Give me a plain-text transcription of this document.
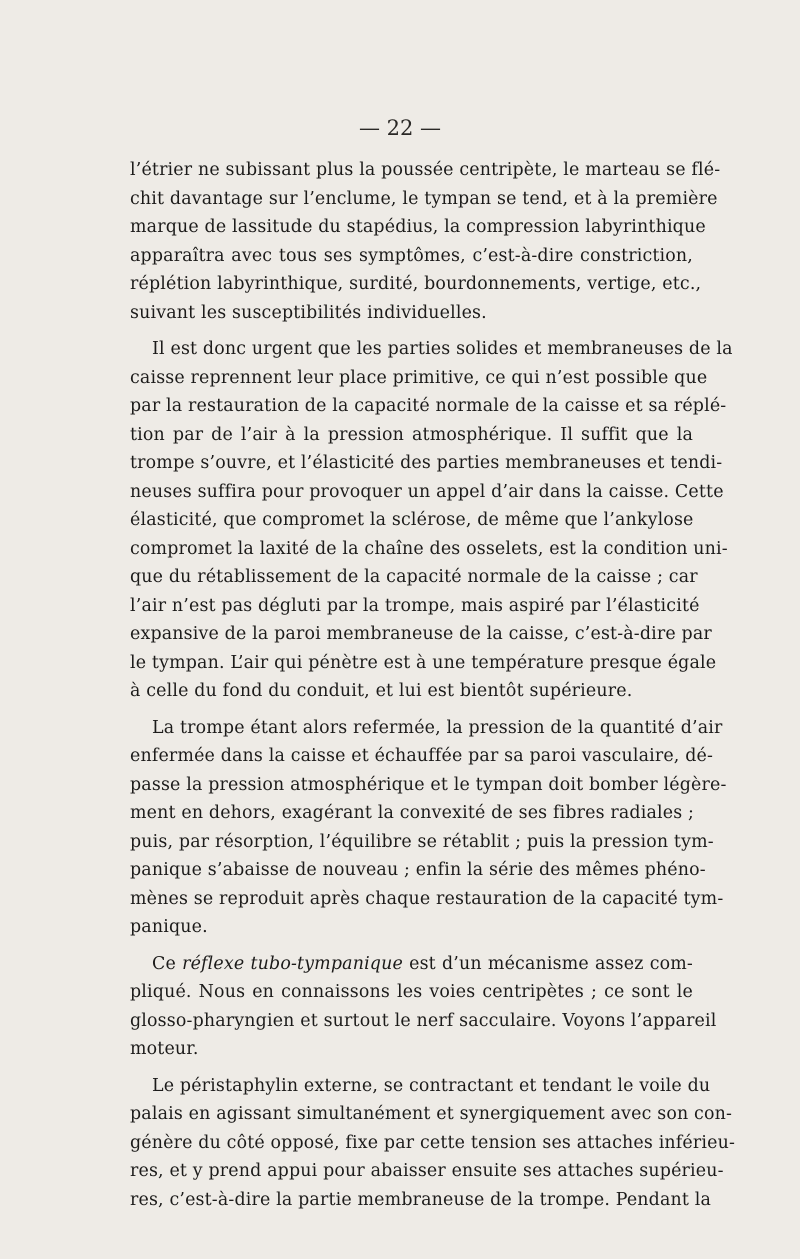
— 22 —

l’étrier ne subissant plus la poussée centripète, le marteau se flé-
chit davantage sur l’enclume, le tympan se tend, et à la première
marque de lassitude du stapédius, la compression labyrinthique
apparaîtra avec tous ses symptômes, c’est-à-dire constriction,
réplétion labyrinthique, surdité, bourdonnements, vertige, etc.,
suivant les susceptibilités individuelles.

Il est donc urgent que les parties solides et membraneuses de la
caisse reprennent leur place primitive, ce qui n’est possible que
par la restauration de la capacité normale de la caisse et sa réplé-
tion par de l’air à la pression atmosphérique. Il suffit que la
trompe s’ouvre, et l’élasticité des parties membraneuses et tendi-
neuses suffira pour provoquer un appel d’air dans la caisse. Cette
élasticité, que compromet la sclérose, de même que l’ankylose
compromet la laxité de la chaîne des osselets, est la condition uni-
que du rétablissement de la capacité normale de la caisse ; car
l’air n’est pas dégluti par la trompe, mais aspiré par l’élasticité
expansive de la paroi membraneuse de la caisse, c’est-à-dire par
le tympan. L’air qui pénètre est à une température presque égale
à celle du fond du conduit, et lui est bientôt supérieure.

La trompe étant alors refermée, la pression de la quantité d’air
enfermée dans la caisse et échauffée par sa paroi vasculaire, dé-
passe la pression atmosphérique et le tympan doit bomber légère-
ment en dehors, exagérant la convexité de ses fibres radiales ;
puis, par résorption, l’équilibre se rétablit ; puis la pression tym-
panique s’abaisse de nouveau ; enfin la série des mêmes phéno-
mènes se reproduit après chaque restauration de la capacité tym-
panique.

Ce réflexe tubo-tympanique est d’un mécanisme assez com-
pliqué. Nous en connaissons les voies centripètes ; ce sont le
glosso-pharyngien et surtout le nerf sacculaire. Voyons l’appareil
moteur.

Le péristaphylin externe, se contractant et tendant le voile du
palais en agissant simultanément et synergiquement avec son con-
génère du côté opposé, fixe par cette tension ses attaches inférieu-
res, et y prend appui pour abaisser ensuite ses attaches supérieu-
res, c’est-à-dire la partie membraneuse de la trompe. Pendant la
